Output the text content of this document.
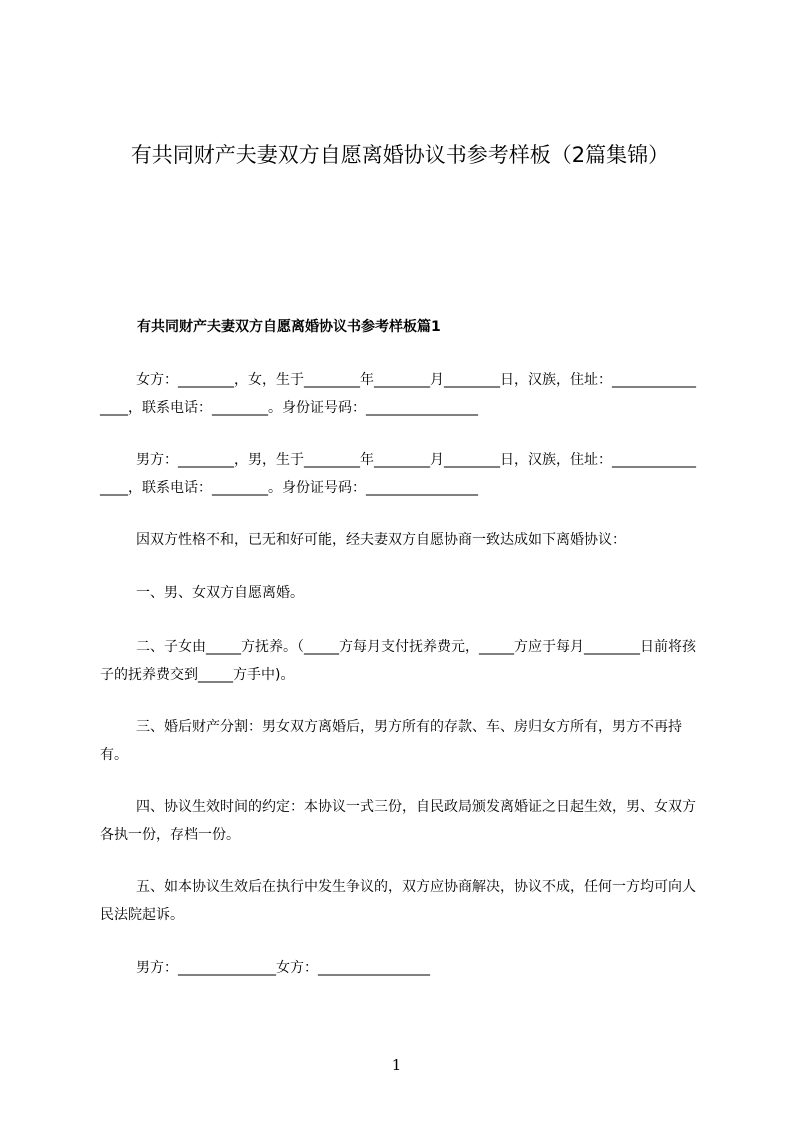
有共同财产夫妻双方自愿离婚协议书参考样板（2篇集锦）
有共同财产夫妻双方自愿离婚协议书参考样板篇1

女方：________，女，生于________年________月________日，汉族，住址：________________，联系电话：________。身份证号码：________________

男方：________，男，生于________年________月________日，汉族，住址：________________，联系电话：________。身份证号码：________________

因双方性格不和，已无和好可能，经夫妻双方自愿协商一致达成如下离婚协议：

一、男、女双方自愿离婚。

二、子女由_____方抚养。（_____方每月支付抚养费元，_____方应于每月________日前将孩子的抚养费交到_____方手中)。

三、婚后财产分割：男女双方离婚后，男方所有的存款、车、房归女方所有，男方不再持有。

四、协议生效时间的约定：本协议一式三份，自民政局颁发离婚证之日起生效，男、女双方各执一份，存档一份。

五、如本协议生效后在执行中发生争议的，双方应协商解决，协议不成，任何一方均可向人民法院起诉。

男方：______________女方：________________

1
